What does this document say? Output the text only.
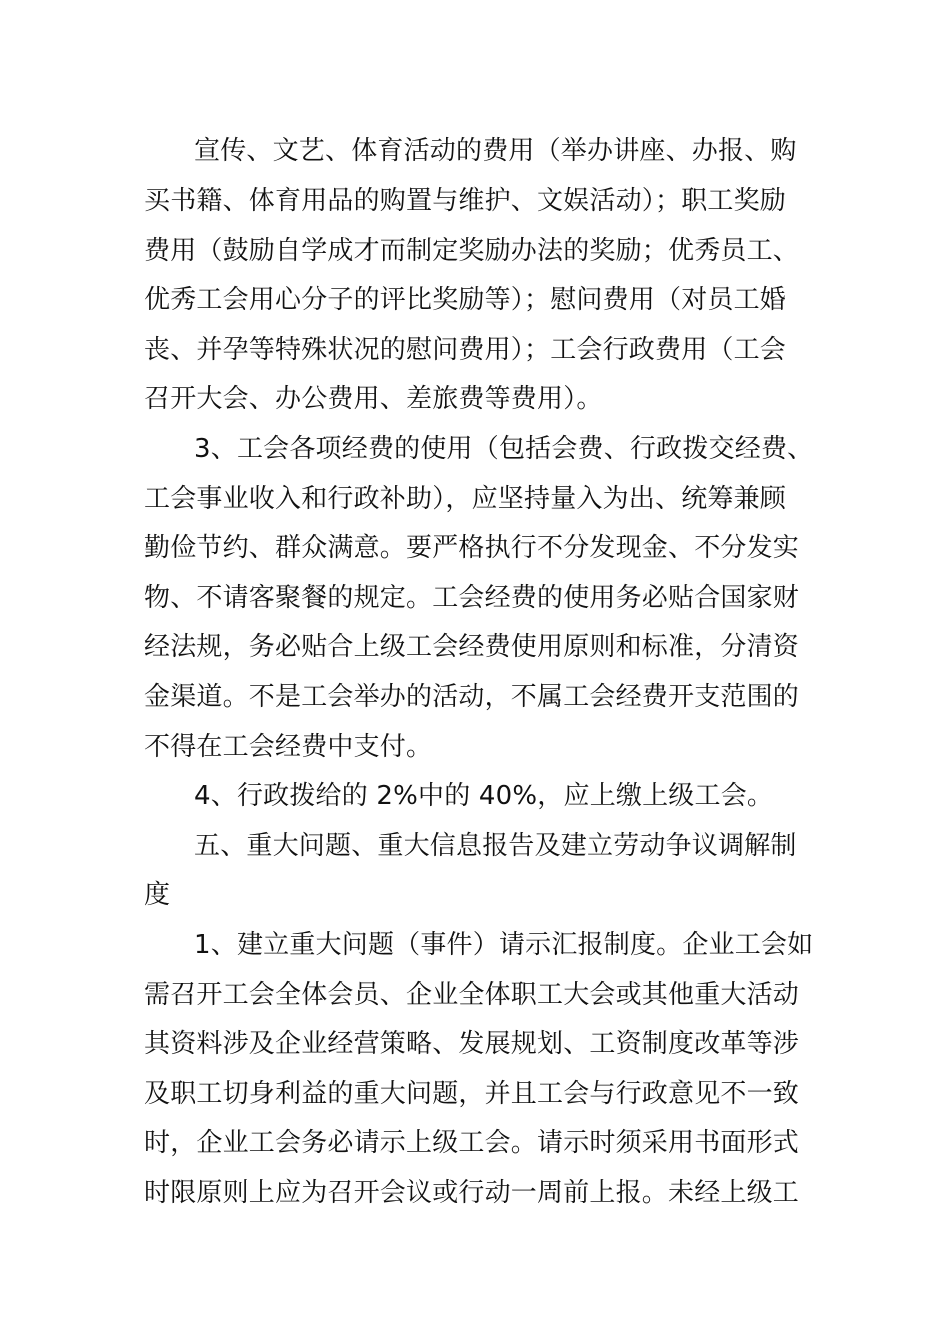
宣传、文艺、体育活动的费用（举办讲座、办报、购
买书籍、体育用品的购置与维护、文娱活动）；职工奖励
费用（鼓励自学成才而制定奖励办法的奖励；优秀员工、
优秀工会用心分子的评比奖励等）；慰问费用（对员工婚
丧、并孕等特殊状况的慰问费用）；工会行政费用（工会
召开大会、办公费用、差旅费等费用）。
3、工会各项经费的使用（包括会费、行政拨交经费、
工会事业收入和行政补助），应坚持量入为出、统筹兼顾
勤俭节约、群众满意。要严格执行不分发现金、不分发实
物、不请客聚餐的规定。工会经费的使用务必贴合国家财
经法规，务必贴合上级工会经费使用原则和标准，分清资
金渠道。不是工会举办的活动，不属工会经费开支范围的
不得在工会经费中支付。
4、行政拨给的 2%中的 40%，应上缴上级工会。
五、重大问题、重大信息报告及建立劳动争议调解制
度
1、建立重大问题（事件）请示汇报制度。企业工会如
需召开工会全体会员、企业全体职工大会或其他重大活动
其资料涉及企业经营策略、发展规划、工资制度改革等涉
及职工切身利益的重大问题，并且工会与行政意见不一致
时，企业工会务必请示上级工会。请示时须采用书面形式
时限原则上应为召开会议或行动一周前上报。未经上级工
